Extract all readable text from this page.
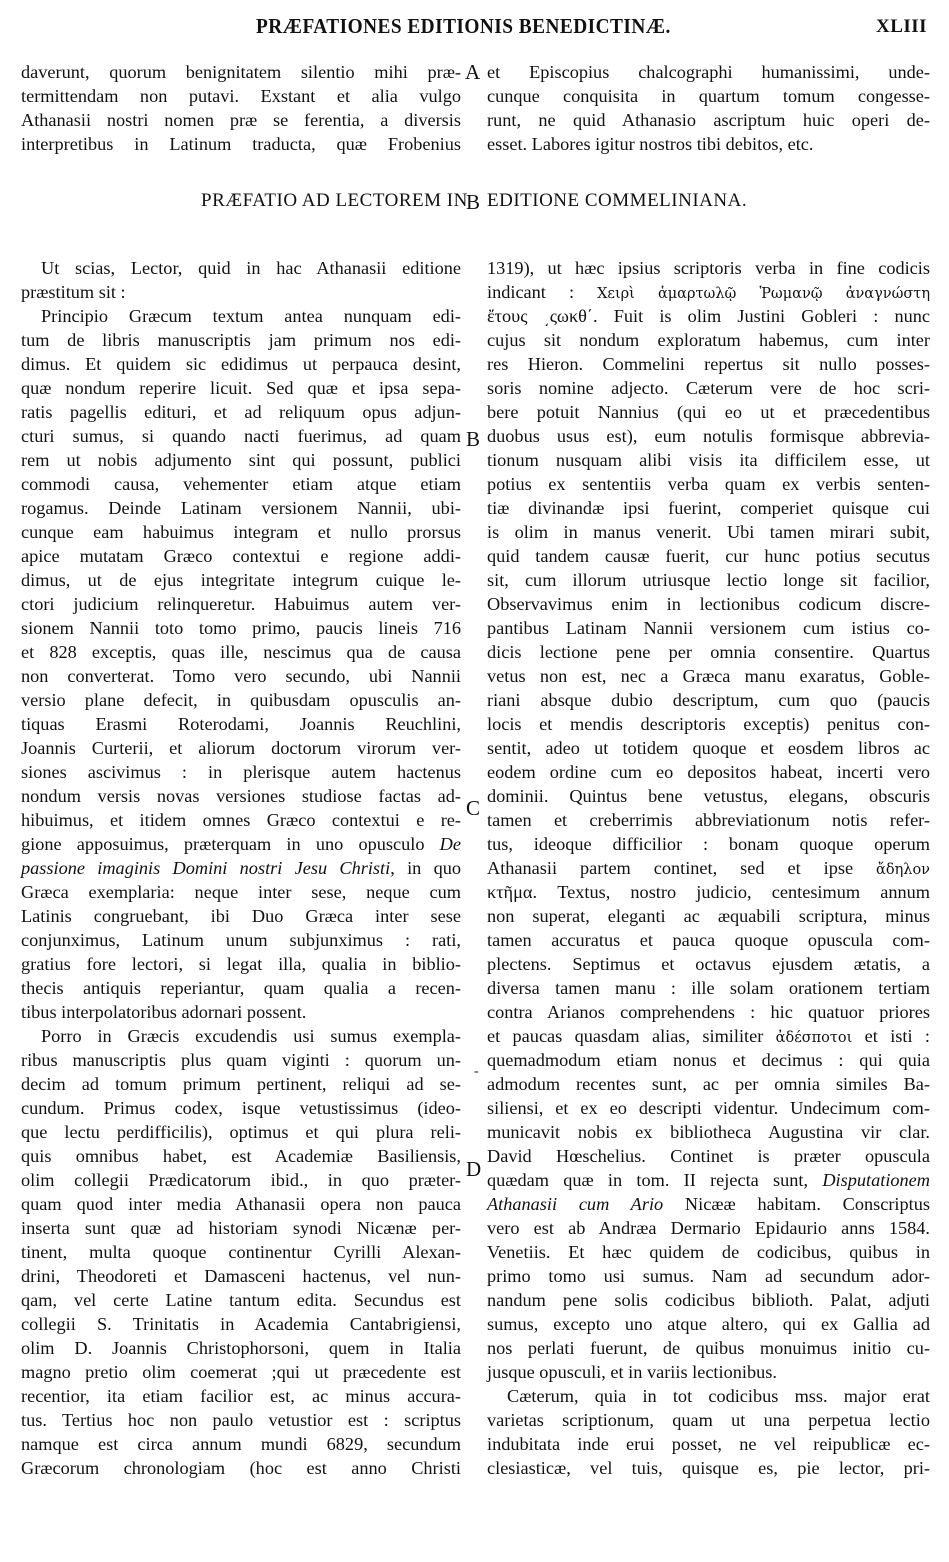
PRÆFATIONES EDITIONIS BENEDICTINÆ.	XLIII
daverunt, quorum benignitatem silentio mihi præ-
termittendam non putavi. Exstant et alia vulgo
Athanasii nostri nomen præ se ferentia, a diversis
interpretibus in Latinum traducta, quæ Frobenius
et Episcopius chalcographi humanissimi, unde-
cunque conquisita in quartum tomum congesse-
runt, ne quid Athanasio ascriptum huic operi de-
esset. Labores igitur nostros tibi debitos, etc.
A
PRÆFATIO AD LECTOREM IN EDITIONE COMMELINIANA.
Ut scias, Lector, quid in hac Athanasii editione
præstitum sit :
Principio Græcum textum antea nunquam edi-
tum de libris manuscriptis jam primum nos edi-
dimus. Et quidem sic edidimus ut perpauca desint,
quæ nondum reperire licuit. Sed quæ et ipsa sepa-
ratis pagellis edituri, et ad reliquum opus adjun-
cturi sumus, si quando nacti fuerimus, ad quam
rem ut nobis adjumento sint qui possunt, publici
commodi causa, vehementer etiam atque etiam
rogamus. Deinde Latinam versionem Nannii, ubi-
cunque eam habuimus integram et nullo prorsus
apice mutatam Græco contextui e regione addi-
dimus, ut de ejus integritate integrum cuique le-
ctori judicium relinqueretur. Habuimus autem ver-
sionem Nannii toto tomo primo, paucis lineis 716
et 828 exceptis, quas ille, nescimus qua de causa
non converterat. Tomo vero secundo, ubi Nannii
versio plane defecit, in quibusdam opusculis an-
tiquas Erasmi Roterodami, Joannis Reuchlini,
Joannis Curterii, et aliorum doctorum virorum ver-
siones ascivimus : in plerisque autem hactenus
nondum versis novas versiones studiose factas ad-
hibuimus, et itidem omnes Græco contextui e re-
gione apposuimus, præterquam in uno opusculo De
passione imaginis Domini nostri Jesu Christi, in quo
Græca exemplaria: neque inter sese, neque cum
Latinis congruebant, ibi Duo Græca inter sese
conjunximus, Latinum unum subjunximus : rati,
gratius fore lectori, si legat illa, qualia in biblio-
thecis antiquis reperiantur, quam qualia a recen-
tibus interpolatoribus adornari possent.
Porro in Græcis excudendis usi sumus exempla-
ribus manuscriptis plus quam viginti : quorum un-
decim ad tomum primum pertinent, reliqui ad se-
cundum. Primus codex, isque vetustissimus (ideo-
que lectu perdifficilis), optimus et qui plura reli-
quis omnibus habet, est Academiæ Basiliensis,
olim collegii Prædicatorum ibid., in quo præter-
quam quod inter media Athanasii opera non pauca
inserta sunt quæ ad historiam synodi Nicænæ per-
tinent, multa quoque continentur Cyrilli Alexan-
drini, Theodoreti et Damasceni hactenus, vel nun-
qam, vel certe Latine tantum edita. Secundus est
collegii S. Trinitatis in Academia Cantabrigiensi,
olim D. Joannis Christophorsoni, quem in Italia
magno pretio olim coemerat ;qui ut præcedente est
recentior, ita etiam facilior est, ac minus accura-
tus. Tertius hoc non paulo vetustior est : scriptus
namque est circa annum mundi 6829, secundum
Græcorum chronologiam (hoc est anno Christi
B
B
C
-
D
1319), ut hæc ipsius scriptoris verba in fine codicis
indicant : Χειρὶ ἁμαρτωλῷ Ῥωμανῷ ἀναγνώστη
ἔτους ͵ςωκθ΄. Fuit is olim Justini Gobleri : nunc
cujus sit nondum exploratum habemus, cum inter
res Hieron. Commelini repertus sit nullo posses-
soris nomine adjecto. Cæterum vere de hoc scri-
bere potuit Nannius (qui eo ut et præcedentibus
duobus usus est), eum notulis formisque abbrevia-
tionum nusquam alibi visis ita difficilem esse, ut
potius ex sententiis verba quam ex verbis senten-
tiæ divinandæ ipsi fuerint, comperiet quisque cui
is olim in manus venerit. Ubi tamen mirari subit,
quid tandem causæ fuerit, cur hunc potius secutus
sit, cum illorum utriusque lectio longe sit facilior,
Observavimus enim in lectionibus codicum discre-
pantibus Latinam Nannii versionem cum istius co-
dicis lectione pene per omnia consentire. Quartus
vetus non est, nec a Græca manu exaratus, Goble-
riani absque dubio descriptum, cum quo (paucis
locis et mendis descriptoris exceptis) penitus con-
sentit, adeo ut totidem quoque et eosdem libros ac
eodem ordine cum eo depositos habeat, incerti vero
dominii. Quintus bene vetustus, elegans, obscuris
tamen et creberrimis abbreviationum notis refer-
tus, ideoque difficilior : bonam quoque operum
Athanasii partem continet, sed et ipse ἄδηλον
κτῆμα. Textus, nostro judicio, centesimum annum
non superat, eleganti ac æquabili scriptura, minus
tamen accuratus et pauca quoque opuscula com-
plectens. Septimus et octavus ejusdem ætatis, a
diversa tamen manu : ille solam orationem tertiam
contra Arianos comprehendens : hic quatuor priores
et paucas quasdam alias, similiter ἀδέσποτοι et isti :
quemadmodum etiam nonus et decimus : qui quia
admodum recentes sunt, ac per omnia similes Ba-
siliensi, et ex eo descripti videntur. Undecimum com-
municavit nobis ex bibliotheca Augustina vir clar.
David Hœschelius. Continet is præter opuscula
quædam quæ in tom. II rejecta sunt, Disputationem
Athanasii cum Ario Nicææ habitam. Conscriptus
vero est ab Andræa Dermario Epidaurio anns 1584.
Venetiis. Et hæc quidem de codicibus, quibus in
primo tomo usi sumus. Nam ad secundum ador-
nandum pene solis codicibus biblioth. Palat, adjuti
sumus, excepto uno atque altero, qui ex Gallia ad
nos perlati fuerunt, de quibus monuimus initio cu-
jusque opusculi, et in variis lectionibus.
Cæterum, quia in tot codicibus mss. major erat
varietas scriptionum, quam ut una perpetua lectio
indubitata inde erui posset, ne vel reipublicæ ec-
clesiasticæ, vel tuis, quisque es, pie lector, pri-
